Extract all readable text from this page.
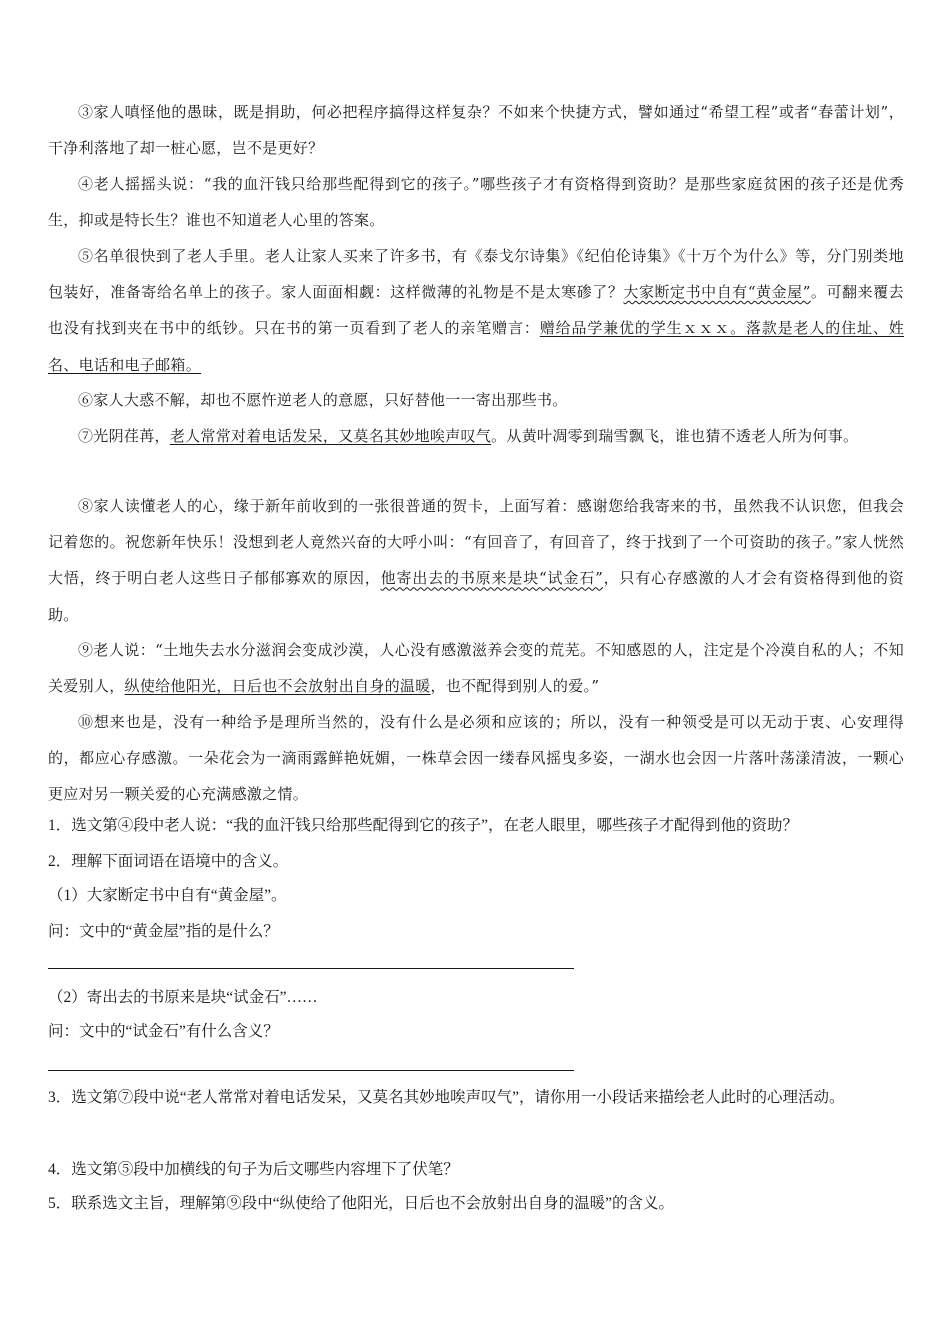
③家人嗔怪他的愚昧，既是捐助，何必把程序搞得这样复杂？不如来个快捷方式，譬如通过“希望工程”或者“春蕾计划”，干净利落地了却一桩心愿，岂不是更好？

④老人摇摇头说：“我的血汗钱只给那些配得到它的孩子。”哪些孩子才有资格得到资助？是那些家庭贫困的孩子还是优秀生，抑或是特长生？谁也不知道老人心里的答案。

⑤名单很快到了老人手里。老人让家人买来了许多书，有《泰戈尔诗集》《纪伯伦诗集》《十万个为什么》等，分门别类地包装好，准备寄给名单上的孩子。家人面面相觑：这样微薄的礼物是不是太寒碜了？大家断定书中自有“黄金屋”。可翻来覆去也没有找到夹在书中的纸钞。只在书的第一页看到了老人的亲笔赠言：赠给品学兼优的学生ｘｘｘ。落款是老人的住址、姓名、电话和电子邮箱。

⑥家人大惑不解，却也不愿忤逆老人的意愿，只好替他一一寄出那些书。

⑦光阴荏苒，老人常常对着电话发呆，又莫名其妙地唉声叹气。从黄叶凋零到瑞雪飘飞，谁也猜不透老人所为何事。

⑧家人读懂老人的心，缘于新年前收到的一张很普通的贺卡，上面写着：感谢您给我寄来的书，虽然我不认识您，但我会记着您的。祝您新年快乐！没想到老人竟然兴奋的大呼小叫：“有回音了，有回音了，终于找到了一个可资助的孩子。”家人恍然大悟，终于明白老人这些日子郁郁寡欢的原因，他寄出去的书原来是块“试金石”，只有心存感激的人才会有资格得到他的资助。

⑨老人说：“土地失去水分滋润会变成沙漠，人心没有感激滋养会变的荒芜。不知感恩的人，注定是个冷漠自私的人；不知关爱别人，纵使给他阳光，日后也不会放射出自身的温暖，也不配得到别人的爱。”

⑩想来也是，没有一种给予是理所当然的，没有什么是必须和应该的；所以，没有一种领受是可以无动于衷、心安理得的，都应心存感激。一朵花会为一滴雨露鲜艳妩媚，一株草会因一缕春风摇曳多姿，一湖水也会因一片落叶荡漾清波，一颗心更应对另一颗关爱的心充满感激之情。

1．选文第④段中老人说：“我的血汗钱只给那些配得到它的孩子”，在老人眼里，哪些孩子才配得到他的资助？

2．理解下面词语在语境中的含义。

（1）大家断定书中自有“黄金屋”。

问：文中的“黄金屋”指的是什么？

（2）寄出去的书原来是块“试金石”……

问：文中的“试金石”有什么含义？

3．选文第⑦段中说“老人常常对着电话发呆，又莫名其妙地唉声叹气”，请你用一小段话来描绘老人此时的心理活动。

4．选文第⑤段中加横线的句子为后文哪些内容埋下了伏笔？

5．联系选文主旨，理解第⑨段中“纵使给了他阳光，日后也不会放射出自身的温暖”的含义。
